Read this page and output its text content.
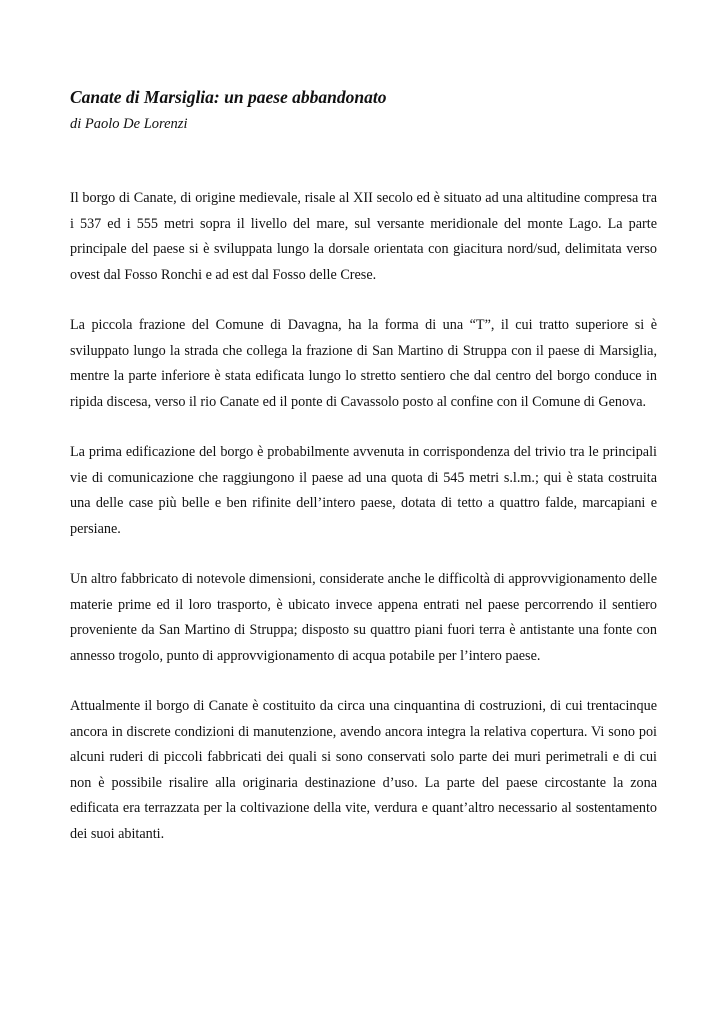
Canate di Marsiglia: un paese abbandonato

di Paolo De Lorenzi

Il borgo di Canate, di origine medievale, risale al XII secolo ed è situato ad una altitudine compresa tra i 537 ed i 555 metri sopra il livello del mare, sul versante meridionale del monte Lago. La parte principale del paese si è sviluppata lungo la dorsale orientata con giacitura nord/sud, delimitata verso ovest dal Fosso Ronchi e ad est dal Fosso delle Crese.

La piccola frazione del Comune di Davagna, ha la forma di una “T”, il cui tratto superiore si è sviluppato lungo la strada che collega la frazione di San Martino di Struppa con il paese di Marsiglia, mentre la parte inferiore è stata edificata lungo lo stretto sentiero che dal centro del borgo conduce in ripida discesa, verso il rio Canate ed il ponte di Cavassolo posto al confine con il Comune di Genova.

La prima edificazione del borgo è probabilmente avvenuta in corrispondenza del trivio tra le principali vie di comunicazione che raggiungono il paese ad una quota di 545 metri s.l.m.; qui è stata costruita una delle case più belle e ben rifinite dell’intero paese, dotata di tetto a quattro falde, marcapiani e persiane.

Un altro fabbricato di notevole dimensioni, considerate anche le difficoltà di approvvigionamento delle materie prime ed il loro trasporto, è ubicato invece appena entrati nel paese percorrendo il sentiero proveniente da San Martino di Struppa; disposto su quattro piani fuori terra è antistante una fonte con annesso trogolo, punto di approvvigionamento di acqua potabile per l’intero paese.

Attualmente il borgo di Canate è costituito da circa una cinquantina di costruzioni, di cui trentacinque ancora in discrete condizioni di manutenzione, avendo ancora integra la relativa copertura. Vi sono poi alcuni ruderi di piccoli fabbricati dei quali si sono conservati solo parte dei muri perimetrali e di cui non è possibile risalire alla originaria destinazione d’uso. La parte del paese circostante la zona edificata era terrazzata per la coltivazione della vite, verdura e quant’altro necessario al sostentamento dei suoi abitanti.
